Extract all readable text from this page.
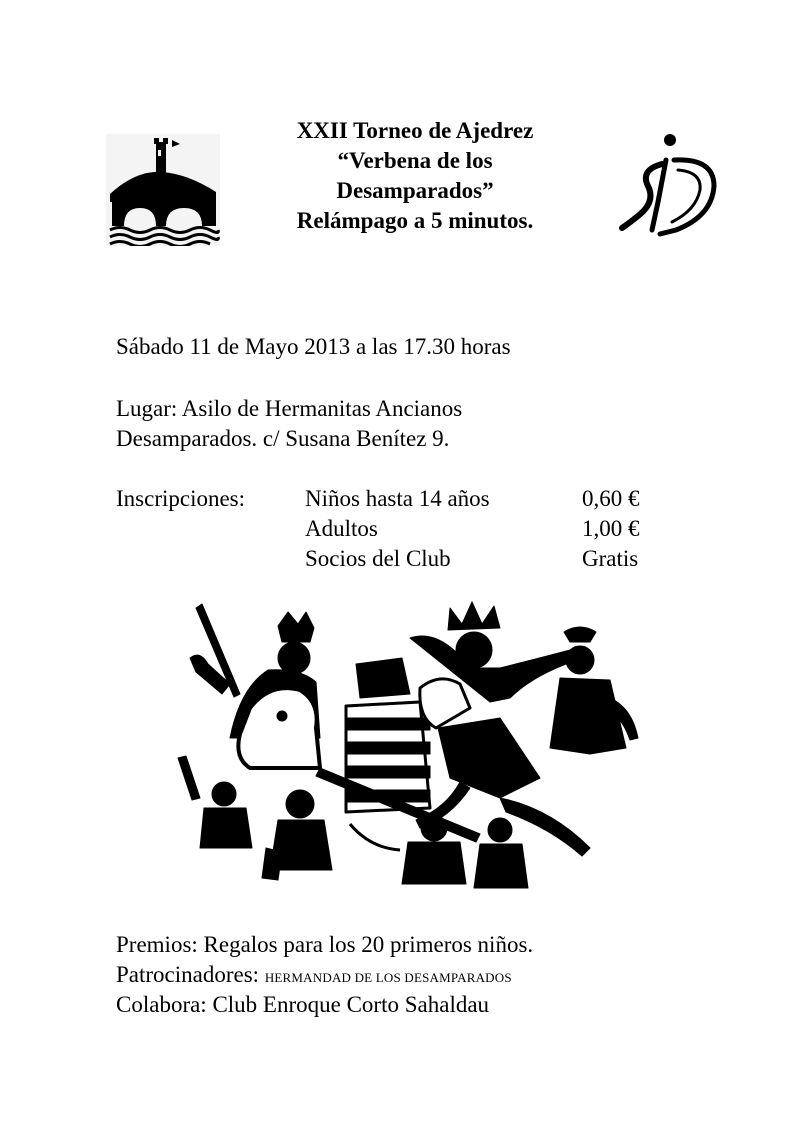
XXII Torneo de Ajedrez
“Verbena de los
Desamparados”
Relámpago a 5 minutos.
Sábado 11 de Mayo 2013 a las 17.30 horas
Lugar: Asilo de Hermanitas Ancianos
Desamparados. c/ Susana Benítez 9.
Inscripciones:	Niños hasta 14 años	0,60 €
Adultos	1,00 €
Socios del Club	Gratis
Premios: Regalos para los 20 primeros niños.
Patrocinadores: HERMANDAD DE LOS DESAMPARADOS
Colabora: Club Enroque Corto Sahaldau
